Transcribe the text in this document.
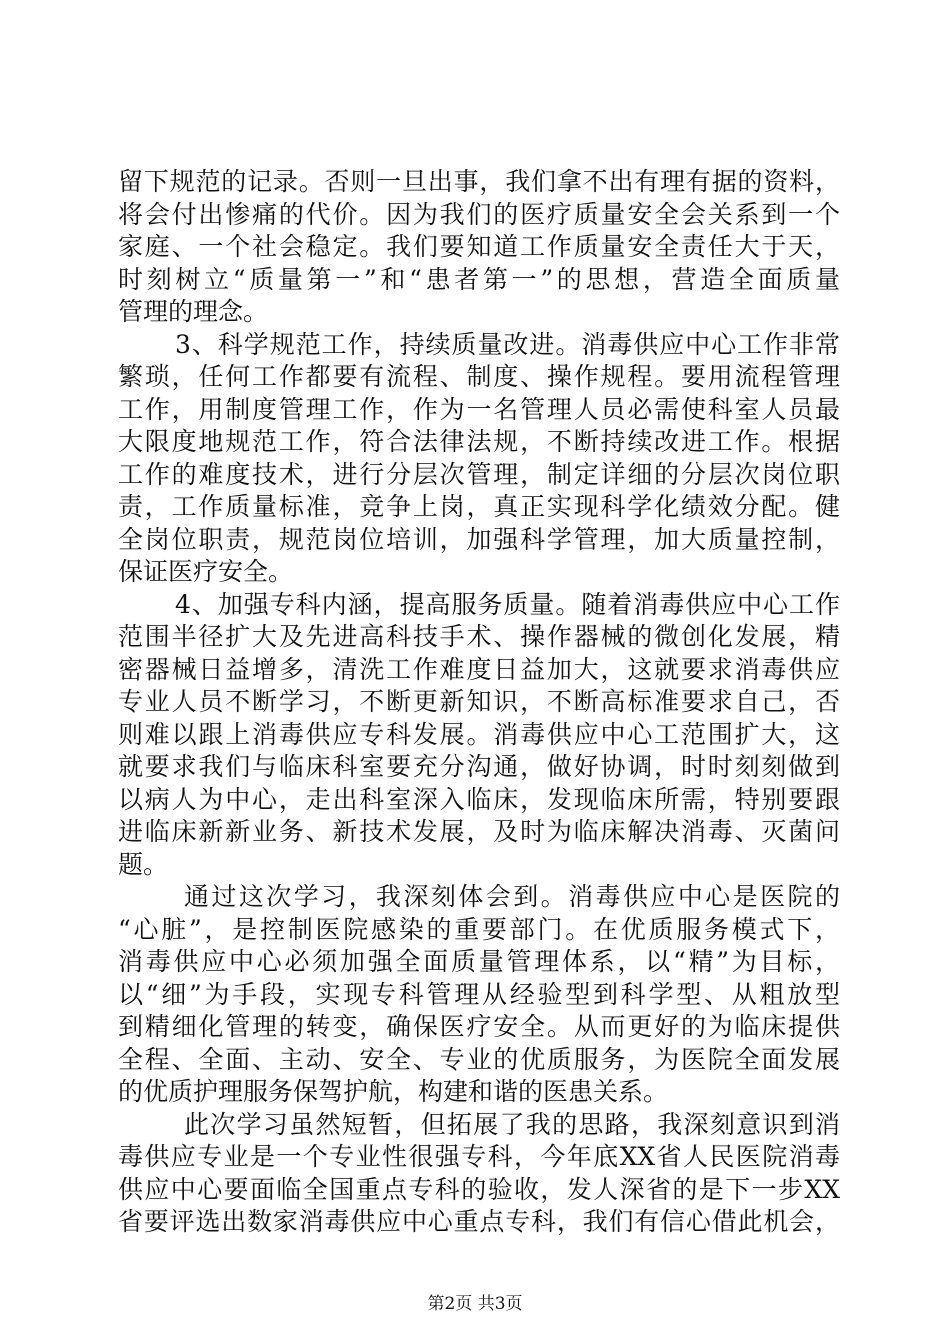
留下规范的记录。否则一旦出事，我们拿不出有理有据的资料，
将会付出惨痛的代价。因为我们的医疗质量安全会关系到一个
家庭、一个社会稳定。我们要知道工作质量安全责任大于天，
时刻树立“质量第一”和“患者第一”的思想，营造全面质量
管理的理念。
3、科学规范工作，持续质量改进。消毒供应中心工作非常
繁琐，任何工作都要有流程、制度、操作规程。要用流程管理
工作，用制度管理工作，作为一名管理人员必需使科室人员最
大限度地规范工作，符合法律法规，不断持续改进工作。根据
工作的难度技术，进行分层次管理，制定详细的分层次岗位职
责，工作质量标准，竞争上岗，真正实现科学化绩效分配。健
全岗位职责，规范岗位培训，加强科学管理，加大质量控制，
保证医疗安全。
4、加强专科内涵，提高服务质量。随着消毒供应中心工作
范围半径扩大及先进高科技手术、操作器械的微创化发展，精
密器械日益增多，清洗工作难度日益加大，这就要求消毒供应
专业人员不断学习，不断更新知识，不断高标准要求自己，否
则难以跟上消毒供应专科发展。消毒供应中心工范围扩大，这
就要求我们与临床科室要充分沟通，做好协调，时时刻刻做到
以病人为中心，走出科室深入临床，发现临床所需，特别要跟
进临床新新业务、新技术发展，及时为临床解决消毒、灭菌问
题。
通过这次学习，我深刻体会到。消毒供应中心是医院的
“心脏”，是控制医院感染的重要部门。在优质服务模式下，
消毒供应中心必须加强全面质量管理体系，以“精”为目标，
以“细”为手段，实现专科管理从经验型到科学型、从粗放型
到精细化管理的转变，确保医疗安全。从而更好的为临床提供
全程、全面、主动、安全、专业的优质服务，为医院全面发展
的优质护理服务保驾护航，构建和谐的医患关系。
此次学习虽然短暂，但拓展了我的思路，我深刻意识到消
毒供应专业是一个专业性很强专科，今年底XX省人民医院消毒
供应中心要面临全国重点专科的验收，发人深省的是下一步XX
省要评选出数家消毒供应中心重点专科，我们有信心借此机会，
第2页 共3页
